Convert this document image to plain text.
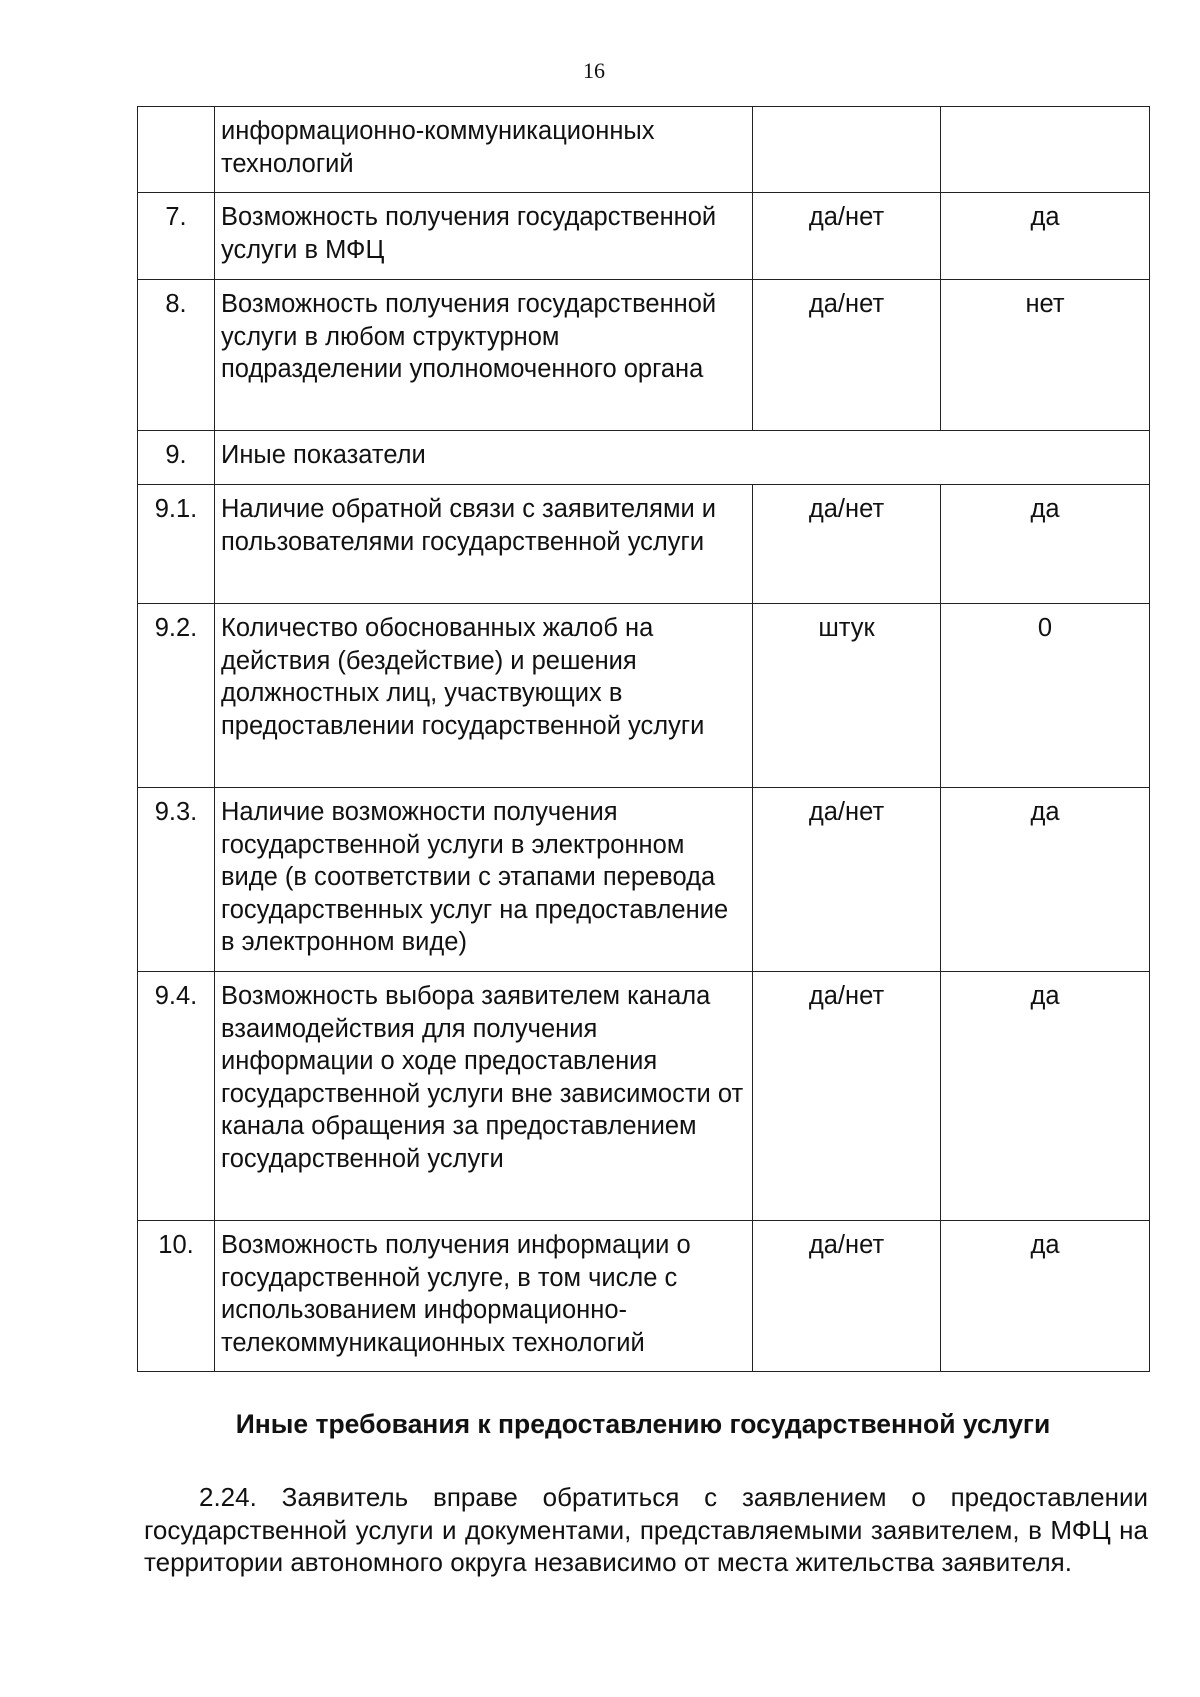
16
	информационно-коммуникационных технологий		
7.	Возможность получения государственной услуги в МФЦ	да/нет	да
8.	Возможность получения государственной услуги в любом структурном подразделении уполномоченного органа	да/нет	нет
9.	Иные показатели		
9.1.	Наличие обратной связи с заявителями и пользователями государственной услуги	да/нет	да
9.2.	Количество обоснованных жалоб на действия (бездействие) и решения должностных лиц, участвующих в предоставлении государственной услуги	штук	0
9.3.	Наличие возможности получения государственной услуги в электронном виде (в соответствии с этапами перевода государственных услуг на предоставление в электронном виде)	да/нет	да
9.4.	Возможность выбора заявителем канала взаимодействия для получения информации о ходе предоставления государственной услуги вне зависимости от канала обращения за предоставлением государственной услуги	да/нет	да
10.	Возможность получения информации о государственной услуге, в том числе с использованием информационно-телекоммуникационных технологий	да/нет	да
Иные требования к предоставлению государственной услуги

2.24. Заявитель вправе обратиться с заявлением о предоставлении государственной услуги и документами, представляемыми заявителем, в МФЦ на территории автономного округа независимо от места жительства заявителя.
